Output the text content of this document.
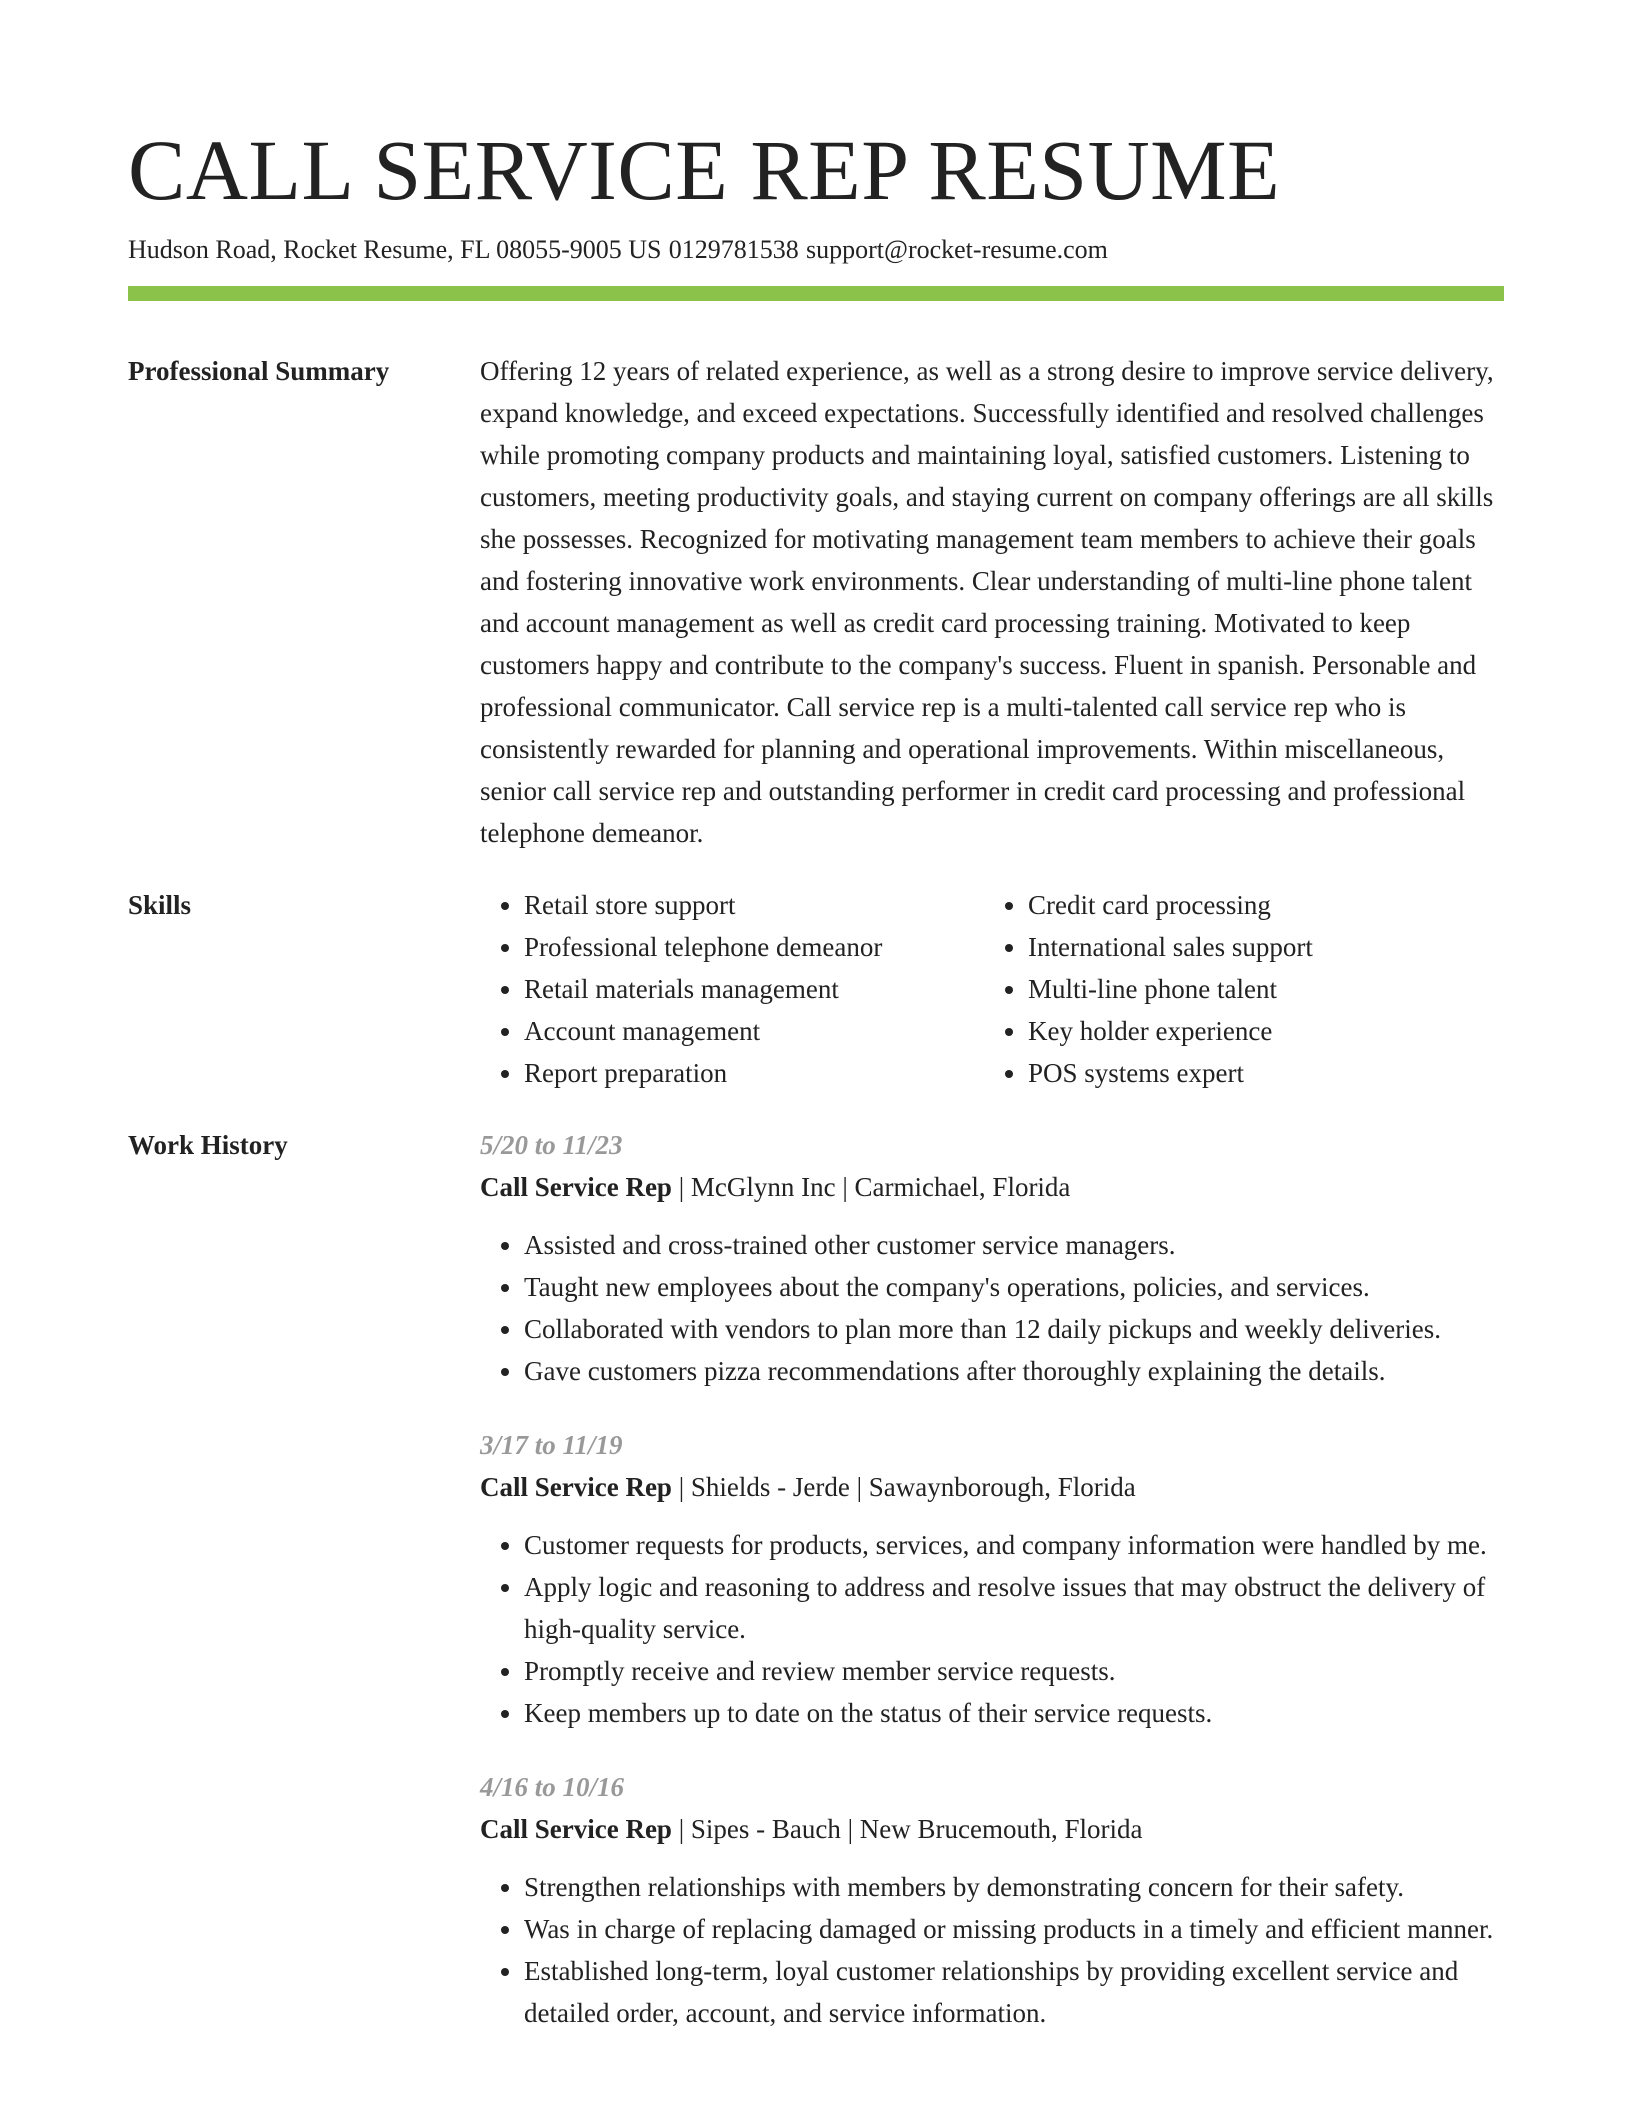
CALL SERVICE REP RESUME
Hudson Road, Rocket Resume, FL 08055-9005 US 0129781538 support@rocket-resume.com
Professional Summary	Offering 12 years of related experience, as well as a strong desire to improve service delivery, expand knowledge, and exceed expectations. Successfully identified and resolved challenges while promoting company products and maintaining loyal, satisfied customers. Listening to customers, meeting productivity goals, and staying current on company offerings are all skills she possesses. Recognized for motivating management team members to achieve their goals and fostering innovative work environments. Clear understanding of multi-line phone talent and account management as well as credit card processing training. Motivated to keep customers happy and contribute to the company's success. Fluent in spanish. Personable and professional communicator. Call service rep is a multi-talented call service rep who is consistently rewarded for planning and operational improvements. Within miscellaneous, senior call service rep and outstanding performer in credit card processing and professional telephone demeanor.

Skills
•	Retail store support
• Professional telephone demeanor
• Retail materials management
• Account management
• Report preparation
• Credit card processing
• International sales support
• Multi-line phone talent
• Key holder experience
• POS systems expert
Work History	5/20 to 11/23
Call Service Rep | McGlynn Inc | Carmichael, Florida
• Assisted and cross-trained other customer service managers.
• Taught new employees about the company's operations, policies, and services.
• Collaborated with vendors to plan more than 12 daily pickups and weekly deliveries.
• Gave customers pizza recommendations after thoroughly explaining the details.
3/17 to 11/19
Call Service Rep | Shields - Jerde | Sawaynborough, Florida
• Customer requests for products, services, and company information were handled by me.
• Apply logic and reasoning to address and resolve issues that may obstruct the delivery of high-quality service.
• Promptly receive and review member service requests.
• Keep members up to date on the status of their service requests.
4/16 to 10/16
Call Service Rep | Sipes - Bauch | New Brucemouth, Florida
• Strengthen relationships with members by demonstrating concern for their safety.
• Was in charge of replacing damaged or missing products in a timely and efficient manner.
• Established long-term, loyal customer relationships by providing excellent service and detailed order, account, and service information.
